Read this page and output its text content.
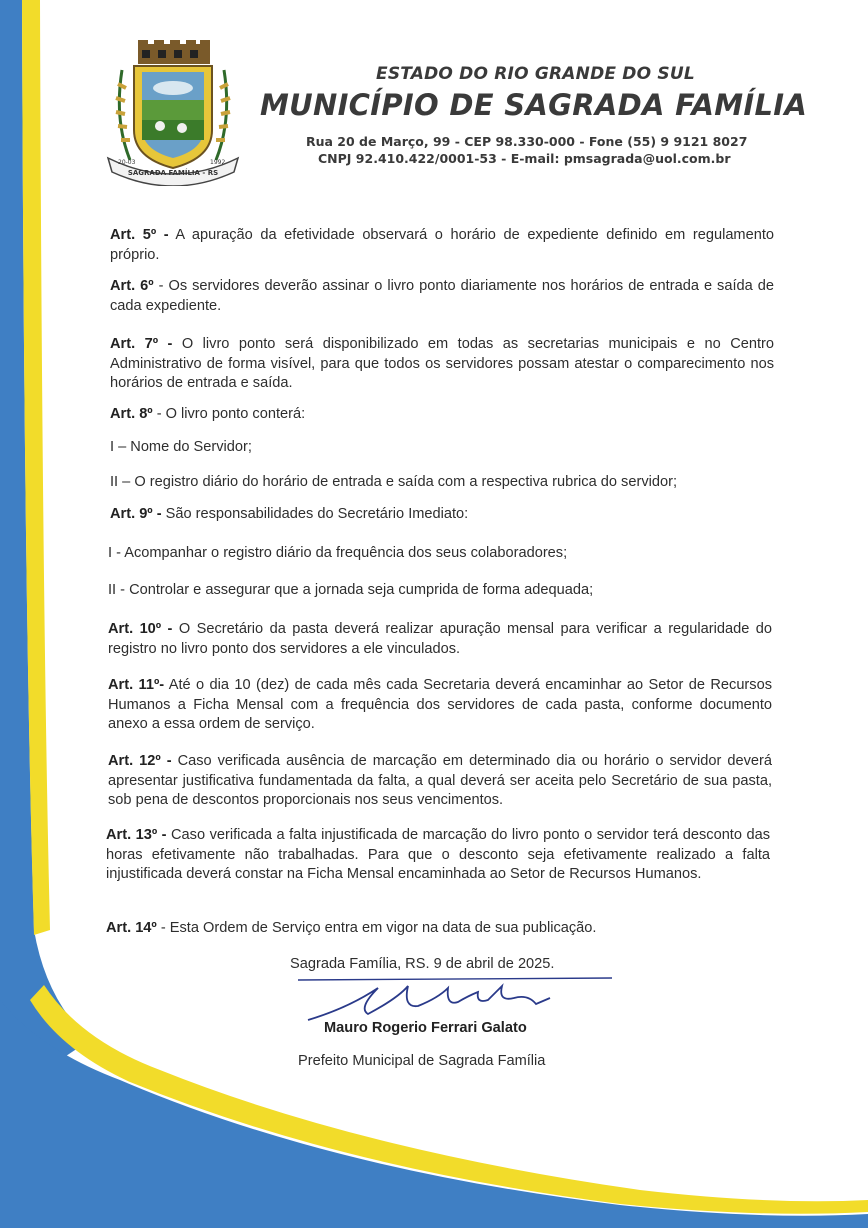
SAGRADA FAMÍLIA - RS
20-03	1992
ESTADO DO RIO GRANDE DO SUL
MUNICÍPIO DE SAGRADA FAMÍLIA
Rua 20 de Março, 99 - CEP 98.330-000 - Fone (55) 9 9121 8027
CNPJ 92.410.422/0001-53 - E-mail: pmsagrada@uol.com.br
Art. 5º - A apuração da efetividade observará o horário de expediente definido em regulamento próprio.
Art. 6º - Os servidores deverão assinar o livro ponto diariamente nos horários de entrada e saída de cada expediente.
Art. 7º - O livro ponto será disponibilizado em todas as secretarias municipais e no Centro Administrativo de forma visível, para que todos os servidores possam atestar o comparecimento nos horários de entrada e saída.
Art. 8º - O livro ponto conterá:
I – Nome do Servidor;
II – O registro diário do horário de entrada e saída com a respectiva rubrica do servidor;
Art. 9º - São responsabilidades do Secretário Imediato:
I - Acompanhar o registro diário da frequência dos seus colaboradores;
II - Controlar e assegurar que a jornada seja cumprida de forma adequada;
Art. 10º - O Secretário da pasta deverá realizar apuração mensal para verificar a regularidade do registro no livro ponto dos servidores a ele vinculados.
Art. 11º- Até o dia 10 (dez) de cada mês cada Secretaria deverá encaminhar ao Setor de Recursos Humanos a Ficha Mensal com a frequência dos servidores de cada pasta, conforme documento anexo a essa ordem de serviço.
Art. 12º - Caso verificada ausência de marcação em determinado dia ou horário o servidor deverá apresentar justificativa fundamentada da falta, a qual deverá ser aceita pelo Secretário de sua pasta, sob pena de descontos proporcionais nos seus vencimentos.
Art. 13º - Caso verificada a falta injustificada de marcação do livro ponto o servidor terá desconto das horas efetivamente não trabalhadas. Para que o desconto seja efetivamente realizado a falta injustificada deverá constar na Ficha Mensal encaminhada ao Setor de Recursos Humanos.
Art. 14º - Esta Ordem de Serviço entra em vigor na data de sua publicação.
Sagrada Família, RS. 9 de abril de 2025.
Mauro Rogerio Ferrari Galato
Prefeito Municipal de Sagrada Família
